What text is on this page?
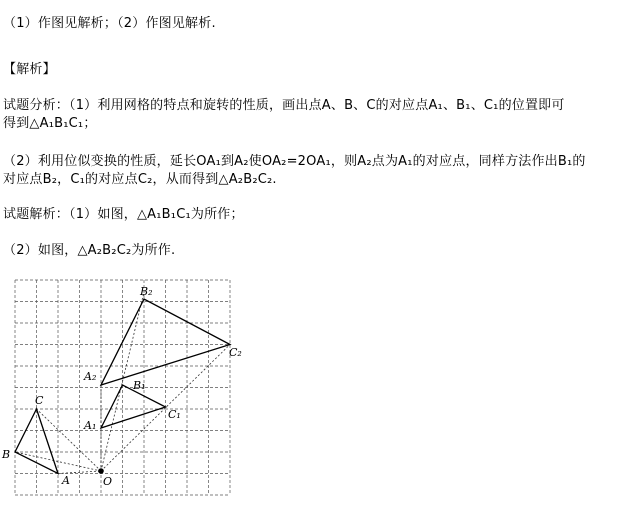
（1）作图见解析；（2）作图见解析.
【解析】
试题分析：（1）利用网格的特点和旋转的性质，画出点A、B、C的对应点A₁、B₁、C₁的位置即可
得到△A₁B₁C₁；
（2）利用位似变换的性质，延长OA₁到A₂使OA₂=2OA₁，则A₂点为A₁的对应点，同样方法作出B₁的
对应点B₂，C₁的对应点C₂，从而得到△A₂B₂C₂.
试题解析：（1）如图，△A₁B₁C₁为所作；
（2）如图，△A₂B₂C₂为所作.
B₂
C₂
A₂
B₁
C₁
A₁
C
B
A	O
